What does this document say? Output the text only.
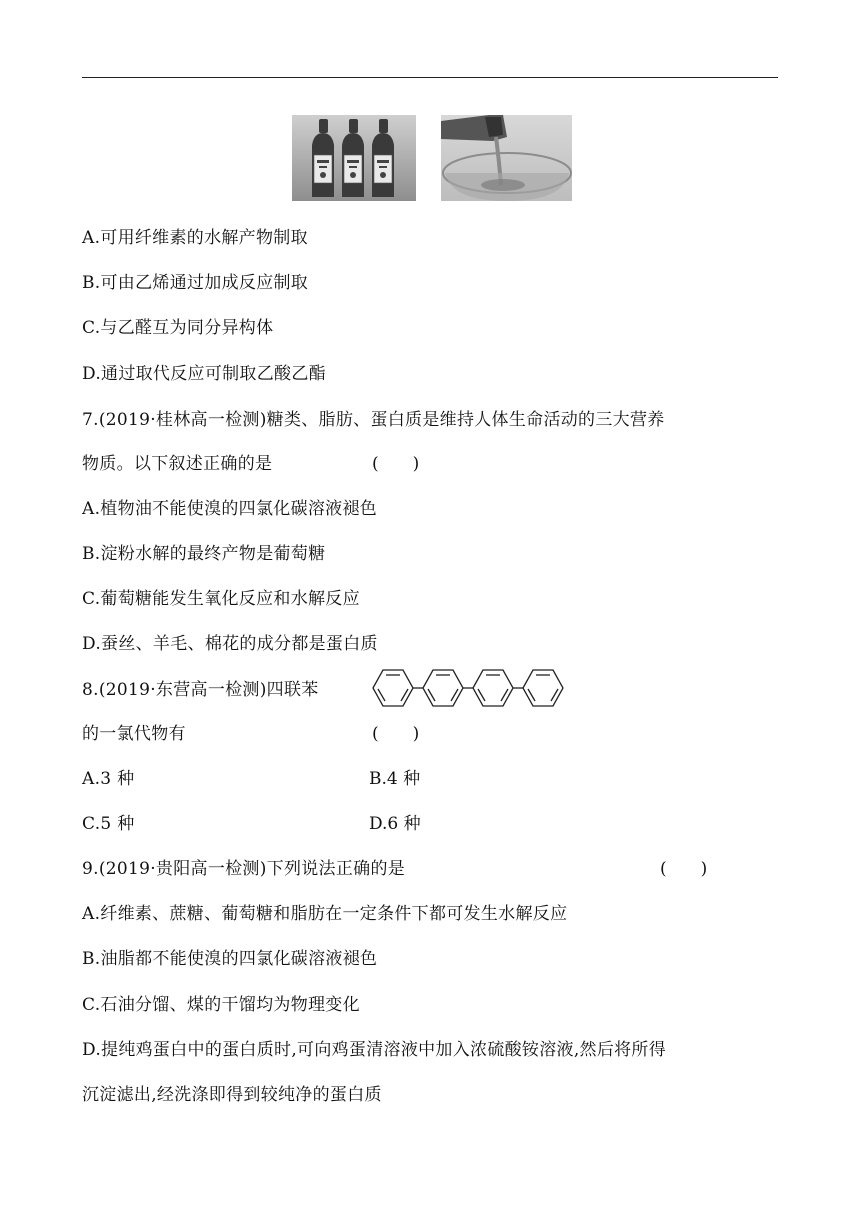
A.可用纤维素的水解产物制取
B.可由乙烯通过加成反应制取
C.与乙醛互为同分异构体
D.通过取代反应可制取乙酸乙酯
7.(2019·桂林高一检测)糖类、脂肪、蛋白质是维持人体生命活动的三大营养
物质。以下叙述正确的是	(　　)
A.植物油不能使溴的四氯化碳溶液褪色
B.淀粉水解的最终产物是葡萄糖
C.葡萄糖能发生氧化反应和水解反应
D.蚕丝、羊毛、棉花的成分都是蛋白质
8.(2019·东营高一检测)四联苯
的一氯代物有	(　　)
A.3 种	B.4 种
C.5 种	D.6 种
9.(2019·贵阳高一检测)下列说法正确的是	(　　)
A.纤维素、蔗糖、葡萄糖和脂肪在一定条件下都可发生水解反应
B.油脂都不能使溴的四氯化碳溶液褪色
C.石油分馏、煤的干馏均为物理变化
D.提纯鸡蛋白中的蛋白质时,可向鸡蛋清溶液中加入浓硫酸铵溶液,然后将所得
沉淀滤出,经洗涤即得到较纯净的蛋白质
